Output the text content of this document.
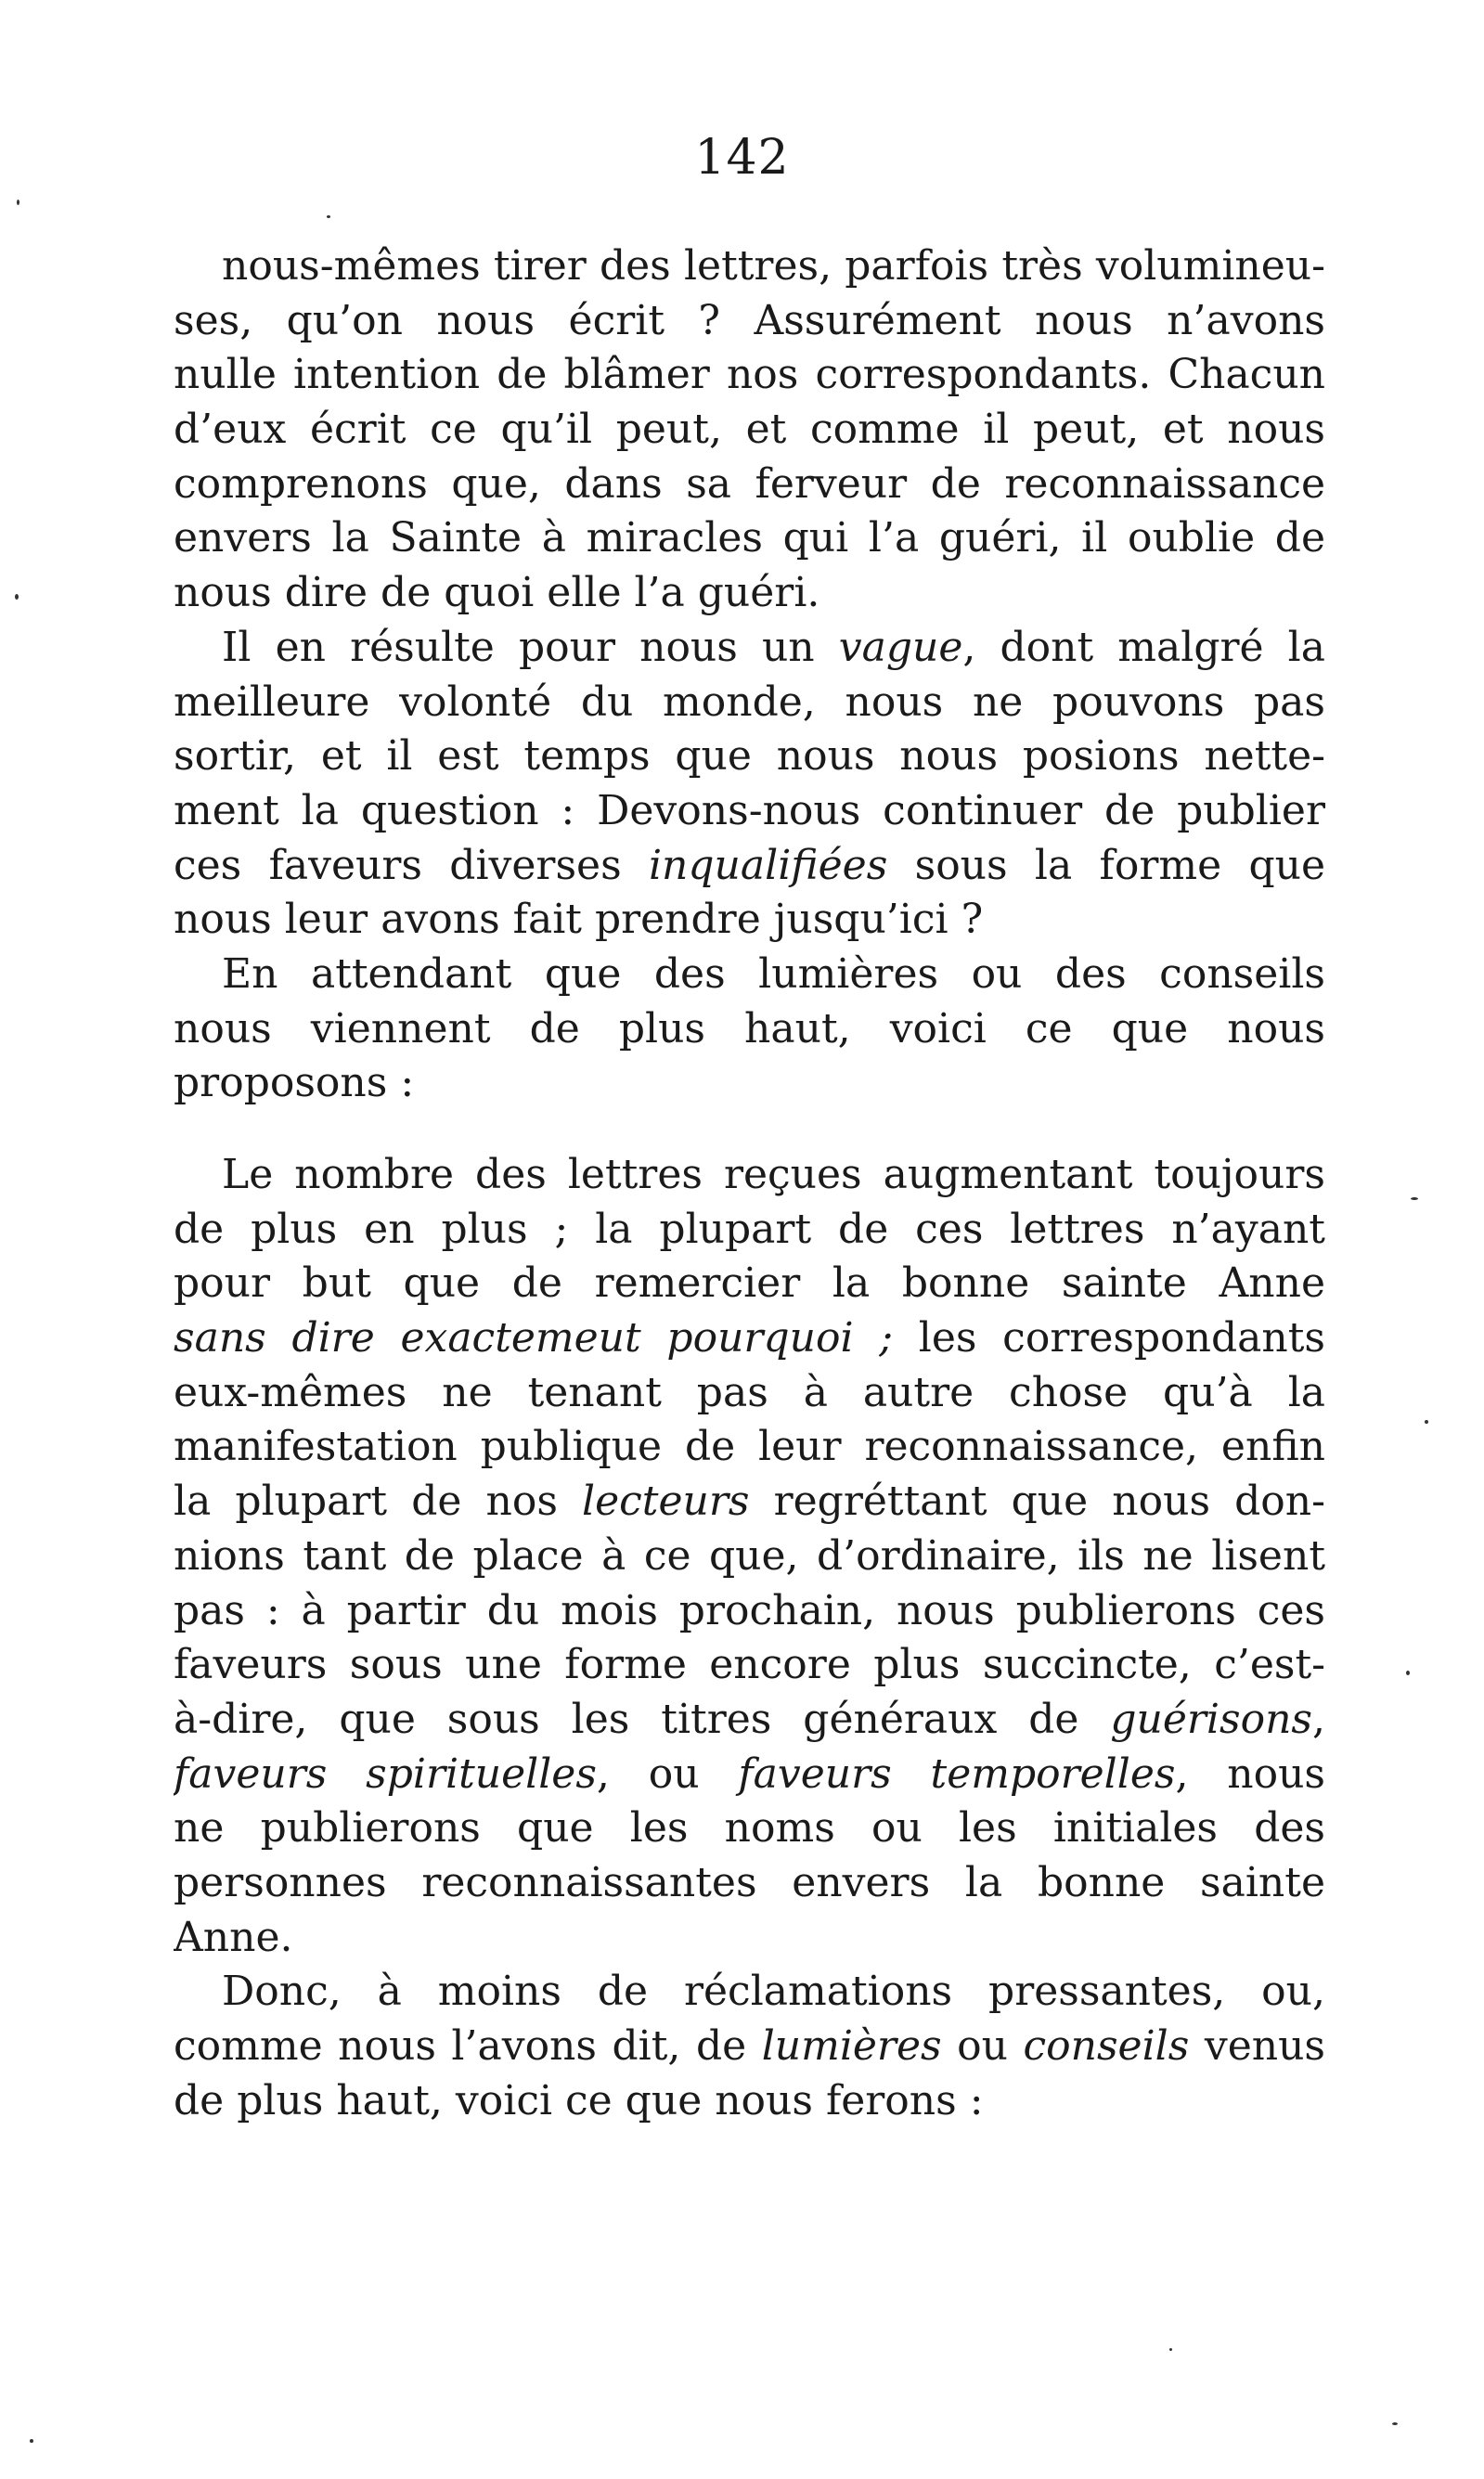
142
nous-mêmes tirer des lettres, parfois très volumineu-
ses, qu’on nous écrit ? Assurément nous n’avons
nulle intention de blâmer nos correspondants. Chacun
d’eux écrit ce qu’il peut, et comme il peut, et nous
comprenons que, dans sa ferveur de reconnaissance
envers la Sainte à miracles qui l’a guéri, il oublie de
nous dire de quoi elle l’a guéri.
Il en résulte pour nous un vague, dont malgré la
meilleure volonté du monde, nous ne pouvons pas
sortir, et il est temps que nous nous posions nette-
ment la question : Devons-nous continuer de publier
ces faveurs diverses inqualifiées sous la forme que
nous leur avons fait prendre jusqu’ici ?
En attendant que des lumières ou des conseils
nous viennent de plus haut, voici ce que nous
proposons :
Le nombre des lettres reçues augmentant toujours
de plus en plus ; la plupart de ces lettres n’ayant
pour but que de remercier la bonne sainte Anne
sans dire exactemeut pourquoi ; les correspondants
eux-mêmes ne tenant pas à autre chose qu’à la
manifestation publique de leur reconnaissance, enfin
la plupart de nos lecteurs regréttant que nous don-
nions tant de place à ce que, d’ordinaire, ils ne lisent
pas : à partir du mois prochain, nous publierons ces
faveurs sous une forme encore plus succincte, c’est-
à-dire, que sous les titres généraux de guérisons,
faveurs spirituelles, ou faveurs temporelles, nous
ne publierons que les noms ou les initiales des
personnes reconnaissantes envers la bonne sainte
Anne.
Donc, à moins de réclamations pressantes, ou,
comme nous l’avons dit, de lumières ou conseils venus
de plus haut, voici ce que nous ferons :
